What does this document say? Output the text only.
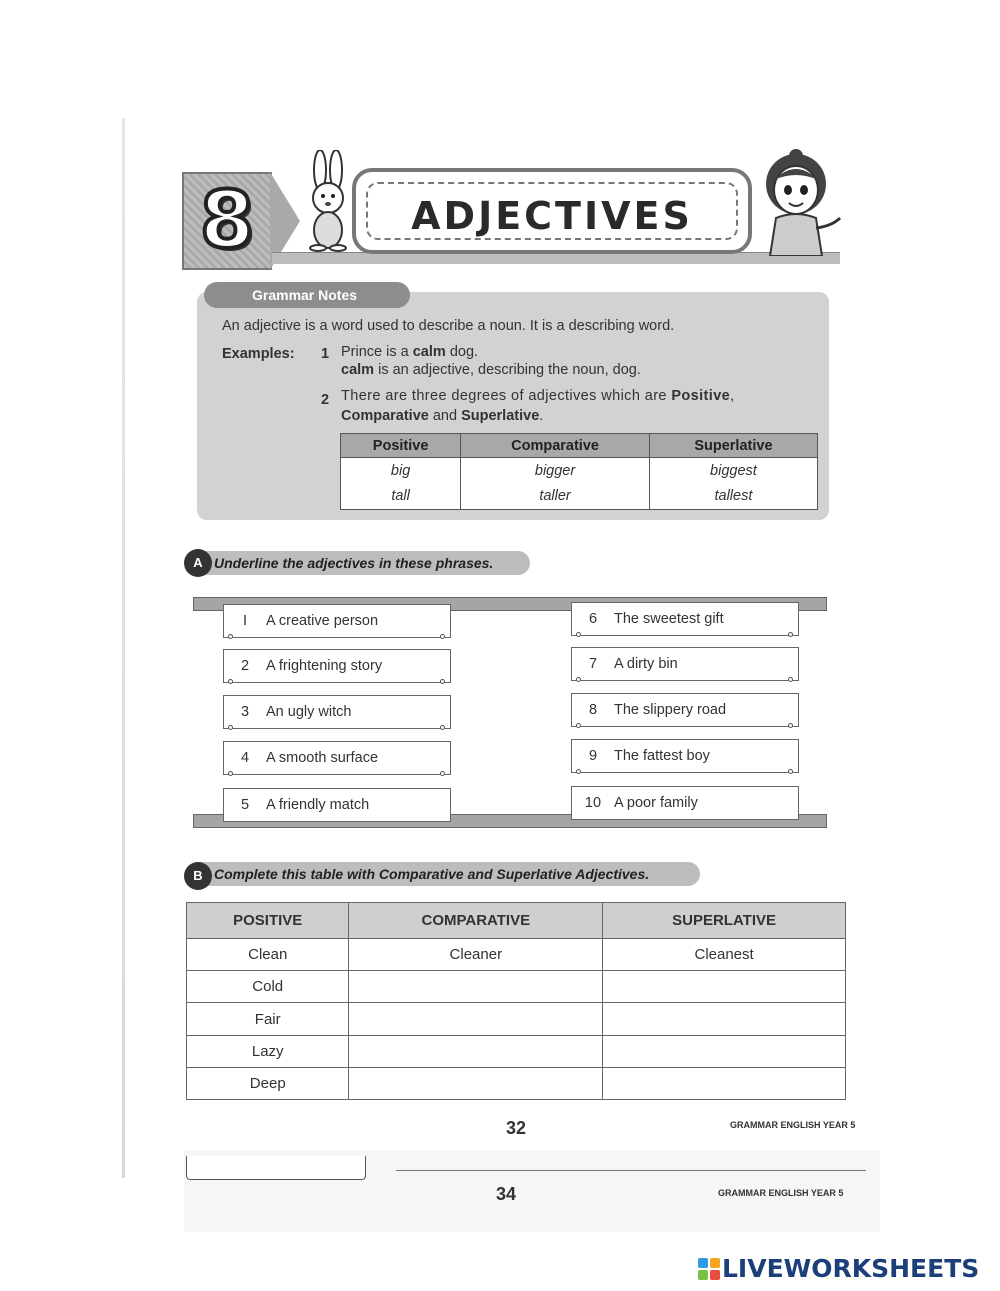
8	ADJECTIVES
Grammar Notes
An adjective is a word used to describe a noun. It is a describing word.
Examples: 1 Prince is a calm dog.
calm is an adjective, describing the noun, dog.
2 There are three degrees of adjectives which are Positive,
Comparative and Superlative.
Positive	Comparative	Superlative
big	bigger	biggest
tall	taller	tallest
Underline the adjectives in these phrases.
A
I A creative person
2 A frightening story
3 An ugly witch
4 A smooth surface
5 A friendly match
6 The sweetest gift
7 A dirty bin
8 The slippery road
9 The fattest boy
10 A poor family
Complete this table with Comparative and Superlative Adjectives.
B
POSITIVE	COMPARATIVE	SUPERLATIVE
Clean	Cleaner	Cleanest
Cold		
Fair		
Lazy		
Deep		
32	GRAMMAR ENGLISH YEAR 5
34	GRAMMAR ENGLISH YEAR 5
LIVEWORKSHEETS
